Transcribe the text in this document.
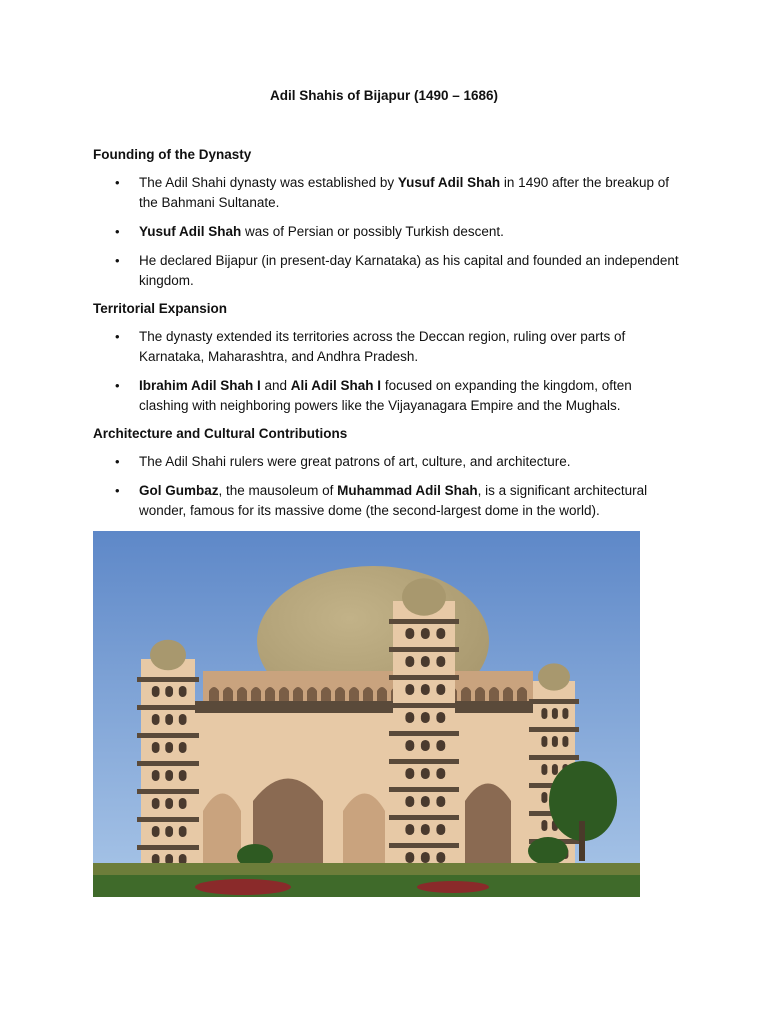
Adil Shahis of Bijapur (1490 – 1686)
Founding of the Dynasty
• The Adil Shahi dynasty was established by Yusuf Adil Shah in 1490 after the breakup of the Bahmani Sultanate.
• Yusuf Adil Shah was of Persian or possibly Turkish descent.
• He declared Bijapur (in present-day Karnataka) as his capital and founded an independent kingdom.
Territorial Expansion
• The dynasty extended its territories across the Deccan region, ruling over parts of Karnataka, Maharashtra, and Andhra Pradesh.
• Ibrahim Adil Shah I and Ali Adil Shah I focused on expanding the kingdom, often clashing with neighboring powers like the Vijayanagara Empire and the Mughals.
Architecture and Cultural Contributions
• The Adil Shahi rulers were great patrons of art, culture, and architecture.
• Gol Gumbaz, the mausoleum of Muhammad Adil Shah, is a significant architectural wonder, famous for its massive dome (the second-largest dome in the world).
